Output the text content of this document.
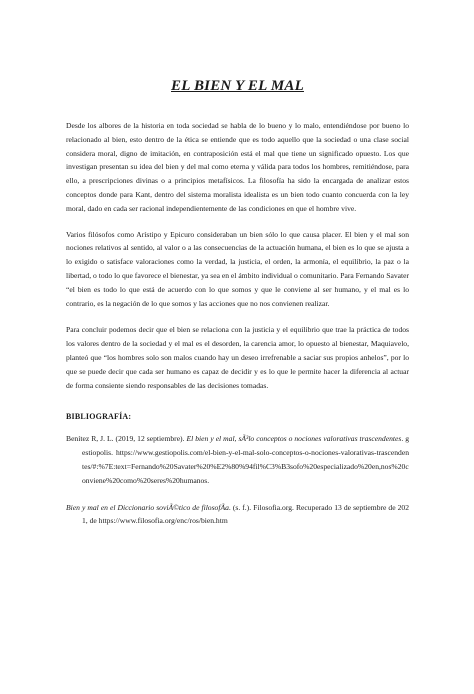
EL BIEN Y EL MAL

Desde los albores de la historia en toda sociedad se habla de lo bueno y lo malo, entendiéndose por bueno lo relacionado al bien, esto dentro de la ética se entiende que es todo aquello que la sociedad o una clase social considera moral, digno de imitación, en contraposición está el mal que tiene un significado opuesto. Los que investigan presentan su idea del bien y del mal como eterna y válida para todos los hombres, remitiéndose, para ello, a prescripciones divinas o a principios metafísicos. La filosofía ha sido la encargada de analizar estos conceptos donde para Kant, dentro del sistema moralista idealista es un bien todo cuanto concuerda con la ley moral, dado en cada ser racional independientemente de las condiciones en que el hombre vive.

Varios filósofos como Arístipo y Epicuro consideraban un bien sólo lo que causa placer. El bien y el mal son nociones relativos al sentido, al valor o a las consecuencias de la actuación humana, el bien es lo que se ajusta a lo exigido o satisface valoraciones como la verdad, la justicia, el orden, la armonía, el equilibrio, la paz o la libertad, o todo lo que favorece el bienestar, ya sea en el ámbito individual o comunitario. Para Fernando Savater “el bien es todo lo que está de acuerdo con lo que somos y que le conviene al ser humano, y el mal es lo contrario, es la negación de lo que somos y las acciones que no nos convienen realizar.

Para concluir podemos decir que el bien se relaciona con la justicia y el equilibrio que trae la práctica de todos los valores dentro de la sociedad y el mal es el desorden, la carencia amor, lo opuesto al bienestar, Maquiavelo, planteó que “los hombres solo son malos cuando hay un deseo irrefrenable a saciar sus propios anhelos”, por lo que se puede decir que cada ser humano es capaz de decidir y es lo que le permite hacer la diferencia al actuar de forma consiente siendo responsables de las decisiones tomadas.

BIBLIOGRAFÍA:

Benítez R, J. L. (2019, 12 septiembre). El bien y el mal, sÃ³lo conceptos o nociones valorativas trascendentes. gestiopolis. https://www.gestiopolis.com/el-bien-y-el-mal-solo-conceptos-o-nociones-valorativas-trascendentes/#:%7E:text=Fernando%20Savater%20%E2%80%94fil%C3%B3sofo%20especializado%20en,nos%20conviene%20como%20seres%20humanos.

Bien y mal en el Diccionario soviÃ©tico de filosofÃa. (s. f.). Filosofia.org. Recuperado 13 de septiembre de 2021, de https://www.filosofia.org/enc/ros/bien.htm
